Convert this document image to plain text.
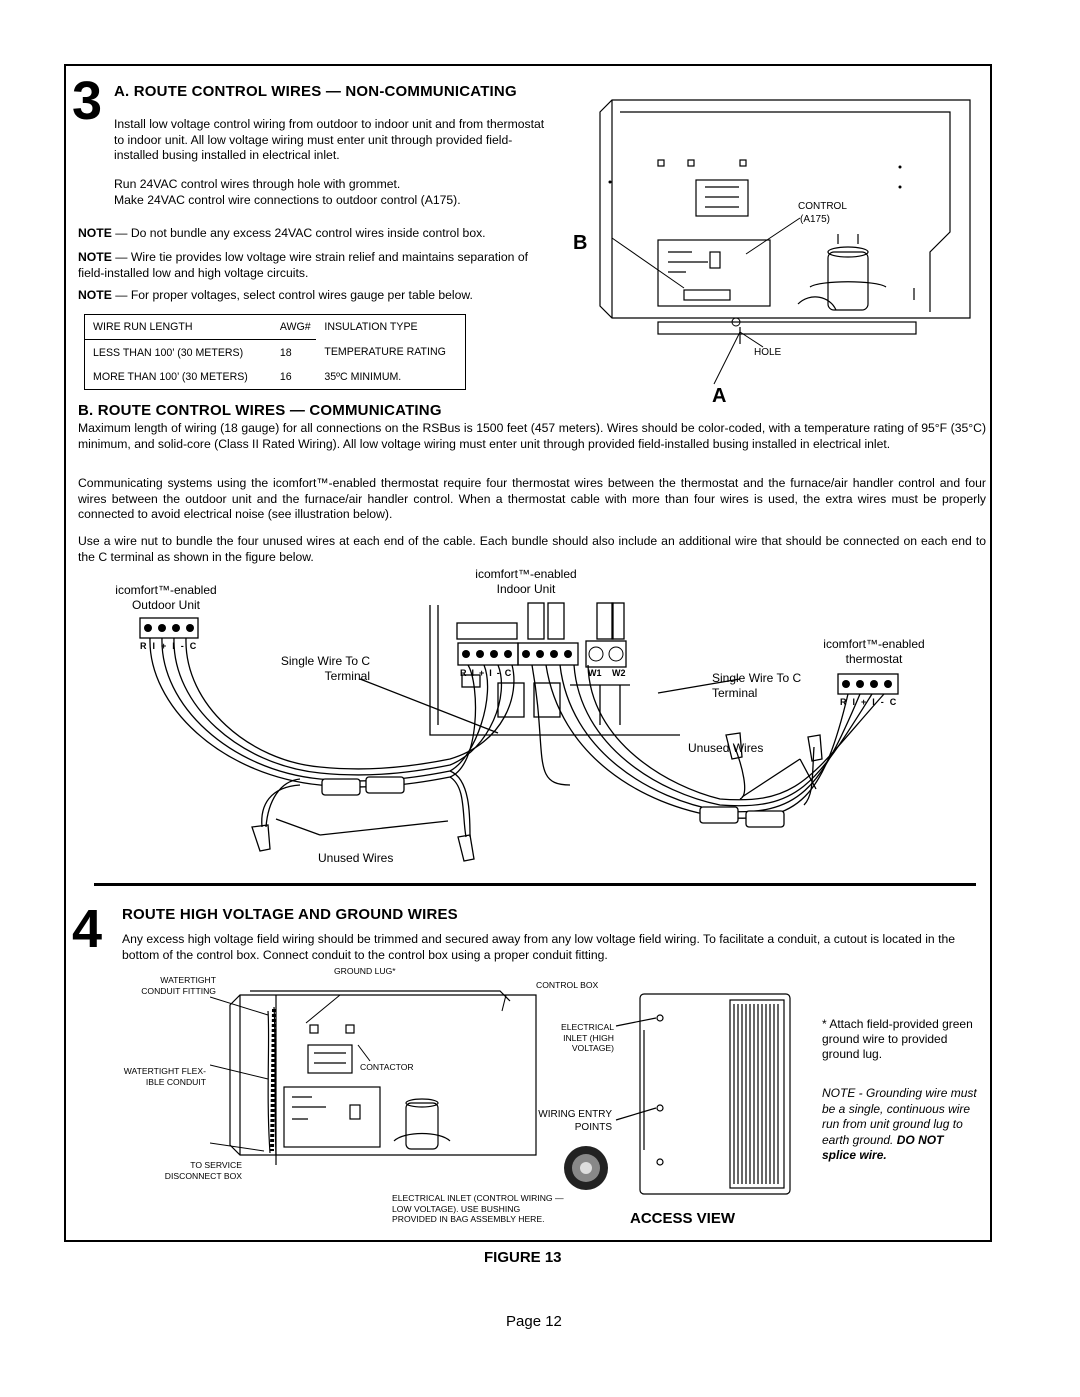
3 A. ROUTE CONTROL WIRES — NON-COMMUNICATING
Install low voltage control wiring from outdoor to indoor unit and from thermostat to indoor unit. All low voltage wiring must enter unit through provided field-installed busing installed in electrical inlet.
Run 24VAC control wires through hole with grommet.
Make 24VAC control wire connections to outdoor control (A175).
NOTE — Do not bundle any excess 24VAC control wires inside control box.
NOTE — Wire tie provides low voltage wire strain relief and maintains separation of field-installed low and high voltage circuits.
NOTE — For proper voltages, select control wires gauge per table below.
WIRE RUN LENGTH	AWG#	INSULATION TYPE
LESS THAN 100’ (30 METERS)	18	TEMPERATURE RATING
MORE THAN 100’ (30 METERS)	16	35ºC MINIMUM.
CONTROL
(A175)
HOLE
B
A
B. ROUTE CONTROL WIRES — COMMUNICATING
Maximum length of wiring (18 gauge) for all connections on the RSBus is 1500 feet (457 meters). Wires should be color-coded, with a temperature rating of 95°F (35°C) minimum, and solid-core (Class II Rated Wiring). All low voltage wiring must enter unit through provided field-installed busing installed in electrical inlet.
Communicating systems using the icomfort™-enabled thermostat require four thermostat wires between the thermostat and the furnace/air handler control and four wires between the outdoor unit and the furnace/air handler control. When a thermostat cable with more than four wires is used, the extra wires must be properly connected to avoid electrical noise (see illustration below).
Use a wire nut to bundle the four unused wires at each end of the cable. Each bundle should also include an additional wire that should be connected on each end to the C terminal as shown in the figure below.
icomfort™-enabled
Outdoor Unit
icomfort™-enabled
Indoor Unit
icomfort™-enabled
thermostat
Single Wire To C
Terminal	Single Wire To C
Terminal
Unused Wires
Unused Wires
RI+I-C
RI+I-C	W1 W2
RI+I-C
4 ROUTE HIGH VOLTAGE AND GROUND WIRES
Any excess high voltage field wiring should be trimmed and secured away from any low voltage field wiring. To facilitate a conduit, a cutout is located in the bottom of the control box. Connect conduit to the control box using a proper conduit fitting.
WATERTIGHT
CONDUIT FITTING
GROUND LUG*
CONTROL BOX
WATERTIGHT FLEX-
IBLE CONDUIT
CONTACTOR
TO SERVICE
DISCONNECT BOX
ELECTRICAL
INLET (HIGH
VOLTAGE)
WIRING ENTRY
POINTS
ELECTRICAL INLET (CONTROL WIRING —
LOW VOLTAGE). USE BUSHING
PROVIDED IN BAG ASSEMBLY HERE.	ACCESS VIEW
* Attach field-provided green ground wire to provided ground lug.
NOTE - Grounding wire must be a single, continuous wire run from unit ground lug to earth ground. DO NOT splice wire.
FIGURE 13
Page 12
